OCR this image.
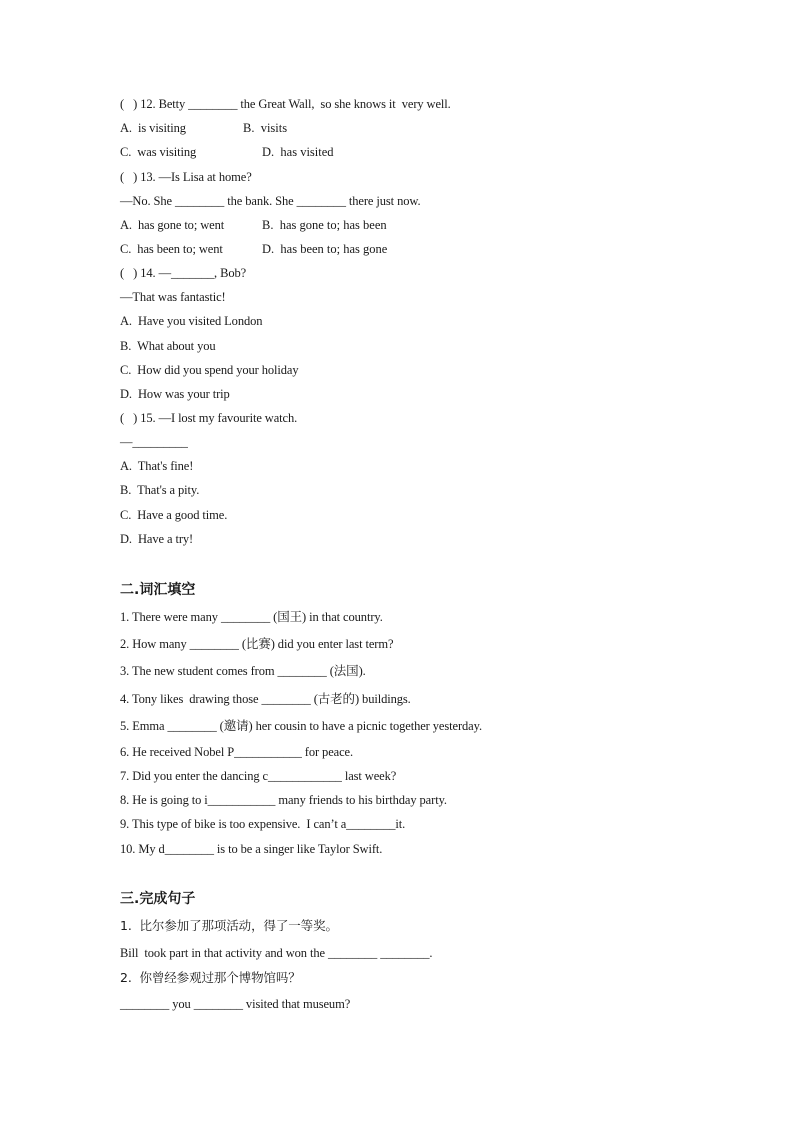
(   ) 12. Betty ________ the Great Wall,  so she knows it  very well.
A.  is visiting	B.  visits
C.  was visiting	D.  has visited
(   ) 13. —Is Lisa at home?
—No. She ________ the bank. She ________ there just now.
A.  has gone to; went	B.  has gone to; has been
C.  has been to; went	D.  has been to; has gone
(   ) 14. —_______, Bob?
—That was fantastic!
A.  Have you visited London
B.  What about you
C.  How did you spend your holiday
D.  How was your trip
(   ) 15. —I lost my favourite watch.
—_________
A.  That's fine!
B.  That's a pity.
C.  Have a good time.
D.  Have a try!
二.词汇填空
1. There were many ________ (国王) in that country.
2. How many ________ (比赛) did you enter last term?
3. The new student comes from ________ (法国).
4. Tony likes  drawing those ________ (古老的) buildings.
5. Emma ________ (邀请) her cousin to have a picnic together yesterday.
6. He received Nobel P___________ for peace.
7. Did you enter the dancing c____________ last week?
8. He is going to i___________ many friends to his birthday party.
9. This type of bike is too expensive.  I can’t a________it.
10. My d________ is to be a singer like Taylor Swift.
三.完成句子
1.  比尔参加了那项活动，得了一等奖。
Bill  took part in that activity and won the ________ ________.
2.  你曾经参观过那个博物馆吗？
________ you ________ visited that museum?
